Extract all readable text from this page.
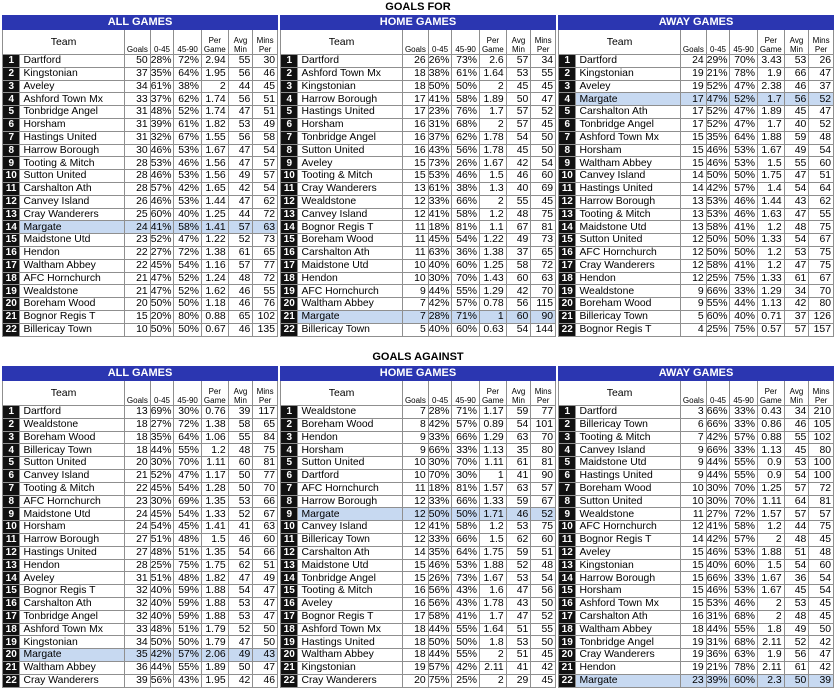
GOALS FOR
GOALS AGAINST
ALL GAMES							
Team		Goals	0-45	45-90	Per Game	Avg Min	Mins Per
1	Dartford	50	28%	72%	2.94	55	30
2	Kingstonian	37	35%	64%	1.95	56	46
3	Aveley	34	61%	38%	2	44	45
4	Ashford Town Mx	33	37%	62%	1.74	56	51
5	Tonbridge Angel	31	48%	52%	1.74	47	51
6	Horsham	31	39%	61%	1.82	53	49
7	Hastings United	31	32%	67%	1.55	56	58
8	Harrow Borough	30	46%	53%	1.67	47	54
9	Tooting & Mitch	28	53%	46%	1.56	47	57
10	Sutton United	28	46%	53%	1.56	49	57
11	Carshalton Ath	28	57%	42%	1.65	42	54
12	Canvey Island	26	46%	53%	1.44	47	62
13	Cray Wanderers	25	60%	40%	1.25	44	72
14	Margate	24	41%	58%	1.41	57	63
15	Maidstone Utd	23	52%	47%	1.22	52	73
16	Hendon	22	27%	72%	1.38	61	65
17	Waltham Abbey	22	45%	54%	1.16	57	77
18	AFC Hornchurch	21	47%	52%	1.24	48	72
19	Wealdstone	21	47%	52%	1.62	46	55
20	Boreham Wood	20	50%	50%	1.18	46	76
21	Bognor Regis T	15	20%	80%	0.88	65	102
22	Billericay Town	10	50%	50%	0.67	46	135
HOME GAMES							
Team		Goals	0-45	45-90	Per Game	Avg Min	Mins Per
1	Dartford	26	26%	73%	2.6	57	34
2	Ashford Town Mx	18	38%	61%	1.64	53	55
3	Kingstonian	18	50%	50%	2	45	45
4	Harrow Borough	17	41%	58%	1.89	50	47
5	Hastings United	17	23%	76%	1.7	57	52
6	Horsham	16	31%	68%	2	57	45
7	Tonbridge Angel	16	37%	62%	1.78	54	50
8	Sutton United	16	43%	56%	1.78	45	50
9	Aveley	15	73%	26%	1.67	42	54
10	Tooting & Mitch	15	53%	46%	1.5	46	60
11	Cray Wanderers	13	61%	38%	1.3	40	69
12	Wealdstone	12	33%	66%	2	55	45
13	Canvey Island	12	41%	58%	1.2	48	75
14	Bognor Regis T	11	18%	81%	1.1	67	81
15	Boreham Wood	11	45%	54%	1.22	49	73
16	Carshalton Ath	11	63%	36%	1.38	37	65
17	Maidstone Utd	10	40%	60%	1.25	58	72
18	Hendon	10	30%	70%	1.43	60	63
19	AFC Hornchurch	9	44%	55%	1.29	42	70
20	Waltham Abbey	7	42%	57%	0.78	56	115
21	Margate	7	28%	71%	1	60	90
22	Billericay Town	5	40%	60%	0.63	54	144
AWAY GAMES							
Team		Goals	0-45	45-90	Per Game	Avg Min	Mins Per
1	Dartford	24	29%	70%	3.43	53	26
2	Kingstonian	19	21%	78%	1.9	66	47
3	Aveley	19	52%	47%	2.38	46	37
4	Margate	17	47%	52%	1.7	56	52
5	Carshalton Ath	17	52%	47%	1.89	45	47
6	Tonbridge Angel	17	52%	47%	1.7	40	52
7	Ashford Town Mx	15	35%	64%	1.88	59	48
8	Horsham	15	46%	53%	1.67	49	54
9	Waltham Abbey	15	46%	53%	1.5	55	60
10	Canvey Island	14	50%	50%	1.75	47	51
11	Hastings United	14	42%	57%	1.4	54	64
12	Harrow Borough	13	53%	46%	1.44	43	62
13	Tooting & Mitch	13	53%	46%	1.63	47	55
14	Maidstone Utd	13	58%	41%	1.2	48	75
15	Sutton United	12	50%	50%	1.33	54	67
16	AFC Hornchurch	12	50%	50%	1.2	53	75
17	Cray Wanderers	12	58%	41%	1.2	47	75
18	Hendon	12	25%	75%	1.33	61	67
19	Wealdstone	9	66%	33%	1.29	34	70
20	Boreham Wood	9	55%	44%	1.13	42	80
21	Billericay Town	5	60%	40%	0.71	37	126
22	Bognor Regis T	4	25%	75%	0.57	57	157
ALL GAMES							
Team		Goals	0-45	45-90	Per Game	Avg Min	Mins Per
1	Dartford	13	69%	30%	0.76	39	117
2	Wealdstone	18	27%	72%	1.38	58	65
3	Boreham Wood	18	35%	64%	1.06	55	84
4	Billericay Town	18	44%	55%	1.2	48	75
5	Sutton United	20	30%	70%	1.11	60	81
6	Canvey Island	21	52%	47%	1.17	50	77
7	Tooting & Mitch	22	45%	54%	1.28	50	70
8	AFC Hornchurch	23	30%	69%	1.35	53	66
9	Maidstone Utd	24	45%	54%	1.33	52	67
10	Horsham	24	54%	45%	1.41	41	63
11	Harrow Borough	27	51%	48%	1.5	46	60
12	Hastings United	27	48%	51%	1.35	54	66
13	Hendon	28	25%	75%	1.75	62	51
14	Aveley	31	51%	48%	1.82	47	49
15	Bognor Regis T	32	40%	59%	1.88	54	47
16	Carshalton Ath	32	40%	59%	1.88	53	47
17	Tonbridge Angel	32	40%	59%	1.88	53	47
18	Ashford Town Mx	33	48%	51%	1.79	52	50
19	Kingstonian	34	50%	50%	1.79	47	50
20	Margate	35	42%	57%	2.06	49	43
21	Waltham Abbey	36	44%	55%	1.89	50	47
22	Cray Wanderers	39	56%	43%	1.95	42	46
HOME GAMES							
Team		Goals	0-45	45-90	Per Game	Avg Min	Mins Per
1	Wealdstone	7	28%	71%	1.17	59	77
2	Boreham Wood	8	42%	57%	0.89	54	101
3	Hendon	9	33%	66%	1.29	63	70
4	Horsham	9	66%	33%	1.13	35	80
5	Sutton United	10	30%	70%	1.11	61	81
6	Dartford	10	70%	30%	1	41	90
7	AFC Hornchurch	11	18%	81%	1.57	63	57
8	Harrow Borough	12	33%	66%	1.33	59	67
9	Margate	12	50%	50%	1.71	46	52
10	Canvey Island	12	41%	58%	1.2	53	75
11	Billericay Town	12	33%	66%	1.5	62	60
12	Carshalton Ath	14	35%	64%	1.75	59	51
13	Maidstone Utd	15	46%	53%	1.88	52	48
14	Tonbridge Angel	15	26%	73%	1.67	53	54
15	Tooting & Mitch	16	56%	43%	1.6	47	56
16	Aveley	16	56%	43%	1.78	43	50
17	Bognor Regis T	17	58%	41%	1.7	47	52
18	Ashford Town Mx	18	44%	55%	1.64	51	55
19	Hastings United	18	50%	50%	1.8	53	50
20	Waltham Abbey	18	44%	55%	2	51	45
21	Kingstonian	19	57%	42%	2.11	41	42
22	Cray Wanderers	20	75%	25%	2	29	45
AWAY GAMES							
Team		Goals	0-45	45-90	Per Game	Avg Min	Mins Per
1	Dartford	3	66%	33%	0.43	34	210
2	Billericay Town	6	66%	33%	0.86	46	105
3	Tooting & Mitch	7	42%	57%	0.88	55	102
4	Canvey Island	9	66%	33%	1.13	45	80
5	Maidstone Utd	9	44%	55%	0.9	53	100
6	Hastings United	9	44%	55%	0.9	54	100
7	Boreham Wood	10	30%	70%	1.25	57	72
8	Sutton United	10	30%	70%	1.11	64	81
9	Wealdstone	11	27%	72%	1.57	57	57
10	AFC Hornchurch	12	41%	58%	1.2	44	75
11	Bognor Regis T	14	42%	57%	2	48	45
12	Aveley	15	46%	53%	1.88	51	48
13	Kingstonian	15	40%	60%	1.5	54	60
14	Harrow Borough	15	66%	33%	1.67	36	54
15	Horsham	15	46%	53%	1.67	45	54
16	Ashford Town Mx	15	53%	46%	2	53	45
17	Carshalton Ath	16	31%	68%	2	48	45
18	Waltham Abbey	18	44%	55%	1.8	49	50
19	Tonbridge Angel	19	31%	68%	2.11	52	42
20	Cray Wanderers	19	36%	63%	1.9	56	47
21	Hendon	19	21%	78%	2.11	61	42
22	Margate	23	39%	60%	2.3	50	39
